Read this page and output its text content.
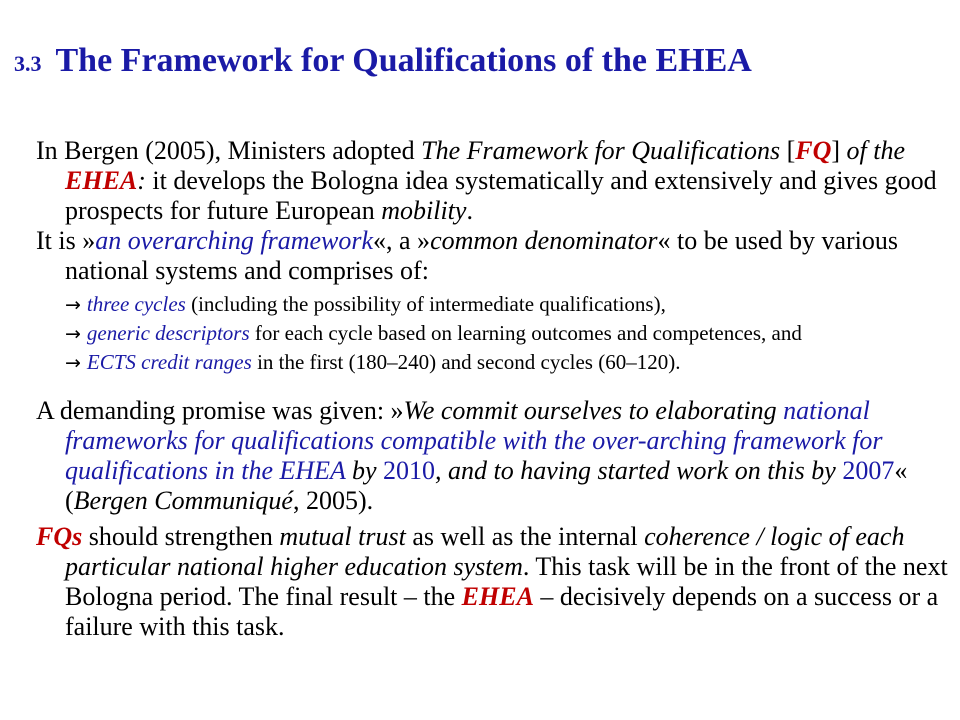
3.3 The Framework for Qualifications of the EHEA

In Bergen (2005), Ministers adopted The Framework for Qualifications [FQ] of the EHEA: it develops the Bologna idea systematically and extensively and gives good prospects for future European mobility.

It is »an overarching framework«, a »common denominator« to be used by various national systems and comprises of:

→ three cycles (including the possibility of intermediate qualifications),

→ generic descriptors for each cycle based on learning outcomes and competences, and

→ ECTS credit ranges in the first (180–240) and second cycles (60–120).

A demanding promise was given: »We commit ourselves to elaborating national frameworks for qualifications compatible with the over-arching framework for qualifications in the EHEA by 2010, and to having started work on this by 2007« (Bergen Communiqué, 2005).

FQs should strengthen mutual trust as well as the internal coherence / logic of each particular national higher education system. This task will be in the front of the next Bologna period. The final result – the EHEA – decisively depends on a success or a failure with this task.
